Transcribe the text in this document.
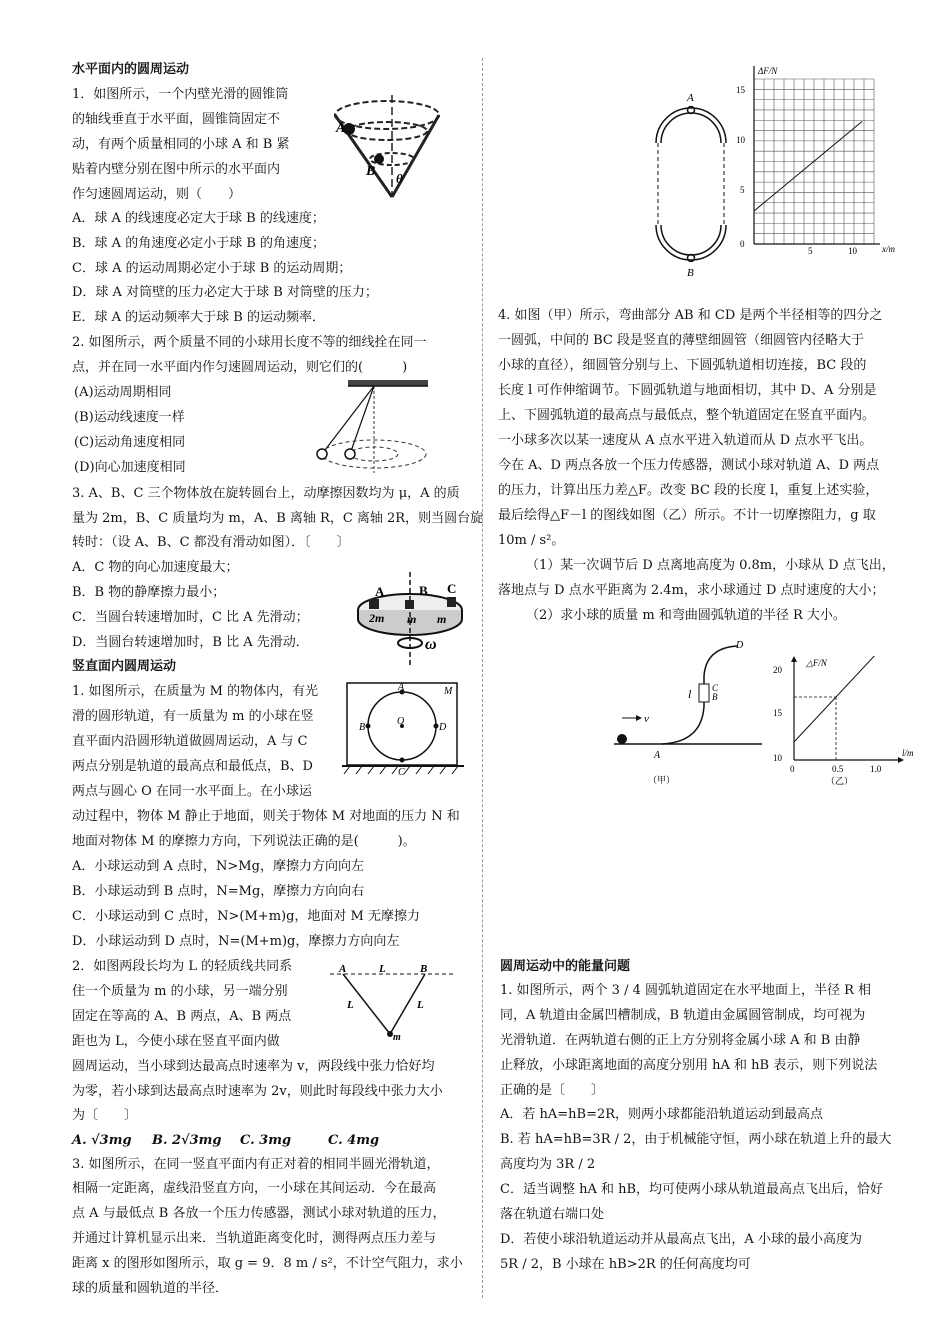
水平面内的圆周运动
1．如图所示，一个内壁光滑的圆锥筒
的轴线垂直于水平面，圆锥筒固定不
动，有两个质量相同的小球 A 和 B 紧
贴着内壁分别在图中所示的水平面内
作匀速圆周运动，则（　　）
A．球 A 的线速度必定大于球 B 的线速度；
B．球 A 的角速度必定小于球 B 的角速度；
C．球 A 的运动周期必定小于球 B 的运动周期；
D．球 A 对筒壁的压力必定大于球 B 对筒壁的压力；
E．球 A 的运动频率大于球 B 的运动频率．
A
B θ
2. 如图所示，两个质量不同的小球用长度不等的细线拴在同一
点，并在同一水平面内作匀速圆周运动，则它们的(　　　)
(A)运动周期相同
(B)运动线速度一样
(C)运动角速度相同
(D)向心加速度相同
3. A、B、C 三个物体放在旋转圆台上，动摩擦因数均为 μ，A 的质
量为 2m，B、C 质量均为 m，A、B 离轴 R，C 离轴 2R，则当圆台旋
转时：（设 A、B、C 都没有滑动如图）．〔　　〕
A．C 物的向心加速度最大；
B．B 物的静摩擦力最小；
C．当圆台转速增加时，C 比 A 先滑动；
D．当圆台转速增加时，B 比 A 先滑动．
A	B C
2m m m
ω
竖直面内圆周运动
1. 如图所示，在质量为 M 的物体内，有光
滑的圆形轨道，有一质量为 m 的小球在竖
直平面内沿圆形轨道做圆周运动，A 与 C
两点分别是轨道的最高点和最低点，B、D
两点与圆心 O 在同一水平面上。在小球运
动过程中，物体 M 静止于地面，则关于物体 M 对地面的压力 N 和
地面对物体 M 的摩擦力方向，下列说法正确的是(　　　)。
A．小球运动到 A 点时，N>Mg，摩擦力方向向左
B．小球运动到 B 点时，N=Mg，摩擦力方向向右
C．小球运动到 C 点时，N>(M+m)g，地面对 M 无摩擦力
D．小球运动到 D 点时，N=(M+m)g，摩擦力方向向左
A
B
O
D
C
M
2．如图两段长均为 L 的轻质线共同系
住一个质量为 m 的小球，另一端分别
固定在等高的 A、B 两点，A、B 两点
距也为 L，今使小球在竖直平面内做
圆周运动，当小球到达最高点时速率为 v，两段线中张力恰好均
为零，若小球到达最高点时速率为 2v，则此时每段线中张力大小
为〔　　〕
A. √3mg B. 2√3mg C. 3mg	C. 4mg
A	L	B
L	L
m
3. 如图所示，在同一竖直平面内有正对着的相同半圆光滑轨道，
相隔一定距离，虚线沿竖直方向，一小球在其间运动．今在最高
点 A 与最低点 B 各放一个压力传感器，测试小球对轨道的压力，
并通过计算机显示出来．当轨道距离变化时，测得两点压力差与
距离 x 的图形如图所示，取 g = 9．8 m / s²，不计空气阻力，求小
球的质量和圆轨道的半径．
A
B
ΔF/N
x/m
15
10
5
0
5	10
4. 如图（甲）所示，弯曲部分 AB 和 CD 是两个半径相等的四分之
一圆弧，中间的 BC 段是竖直的薄壁细圆管（细圆管内径略大于
小球的直径），细圆管分别与上、下圆弧轨道相切连接，BC 段的
长度 l 可作伸缩调节。下圆弧轨道与地面相切，其中 D、A 分别是
上、下圆弧轨道的最高点与最低点，整个轨道固定在竖直平面内。
一小球多次以某一速度从 A 点水平进入轨道而从 D 点水平飞出。
今在 A、D 两点各放一个压力传感器，测试小球对轨道 A、D 两点
的压力，计算出压力差△F。改变 BC 段的长度 l，重复上述实验，
最后绘得△F－l 的图线如图（乙）所示。不计一切摩擦阻力，g 取
10m / s²。
（1）某一次调节后 D 点离地高度为 0.8m，小球从 D 点飞出，
落地点与 D 点水平距离为 2.4m，求小球通过 D 点时速度的大小；
（2）求小球的质量 m 和弯曲圆弧轨道的半径 R 大小。
v
D
C
B
l
A
（甲）
△F/N
l/m
20
15
10
0	0.5	1.0
（乙）
圆周运动中的能量问题
1. 如图所示，两个 3 / 4 圆弧轨道固定在水平地面上，半径 R 相
同，A 轨道由金属凹槽制成，B 轨道由金属圆管制成，均可视为
光滑轨道．在两轨道右侧的正上方分别将金属小球 A 和 B 由静
止释放，小球距离地面的高度分别用 hA 和 hB 表示，则下列说法
正确的是〔　　〕
A．若 hA=hB=2R，则两小球都能沿轨道运动到最高点
B. 若 hA=hB=3R / 2，由于机械能守恒，两小球在轨道上升的最大
高度均为 3R / 2
C．适当调整 hA 和 hB，均可使两小球从轨道最高点飞出后，恰好
落在轨道右端口处
D．若使小球沿轨道运动并从最高点飞出，A 小球的最小高度为
5R / 2，B 小球在 hB>2R 的任何高度均可
